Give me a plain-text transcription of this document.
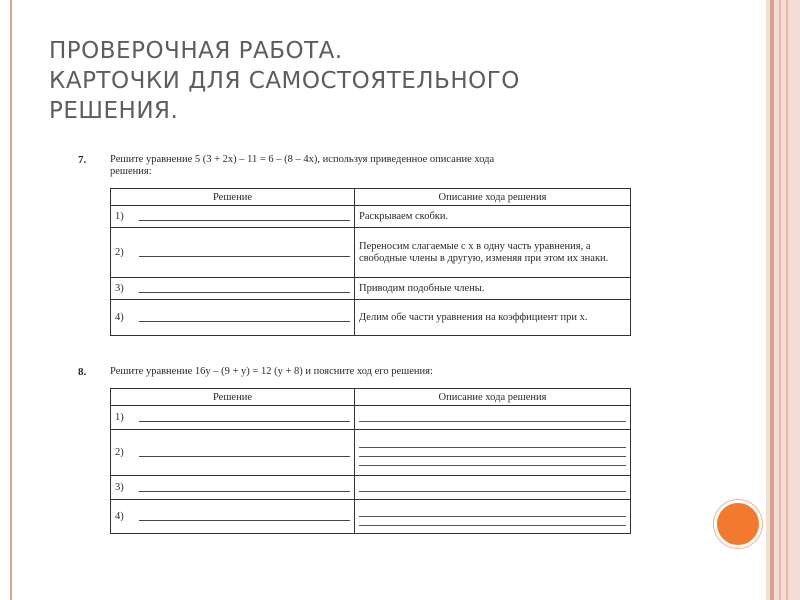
ПРОВЕРОЧНАЯ РАБОТА.
КАРТОЧКИ ДЛЯ САМОСТОЯТЕЛЬНОГО
РЕШЕНИЯ.
7. Решите уравнение 5 (3 + 2x) – 11 = 6 – (8 – 4x), используя приведенное описание хода
решения:
Решение	Описание хода решения

1)	Раскрываем скобки.

2)	Переносим слагаемые с x в одну часть уравнения, а свободные члены в другую, изменяя при этом их знаки.

3)	Приводим подобные члены.

4)	Делим обе части уравнения на коэффициент при x.
8. Решите уравнение 16y – (9 + y) = 12 (y + 8) и поясните ход его решения:
Решение	Описание хода решения

1)	

2)	

3)	

4)	
